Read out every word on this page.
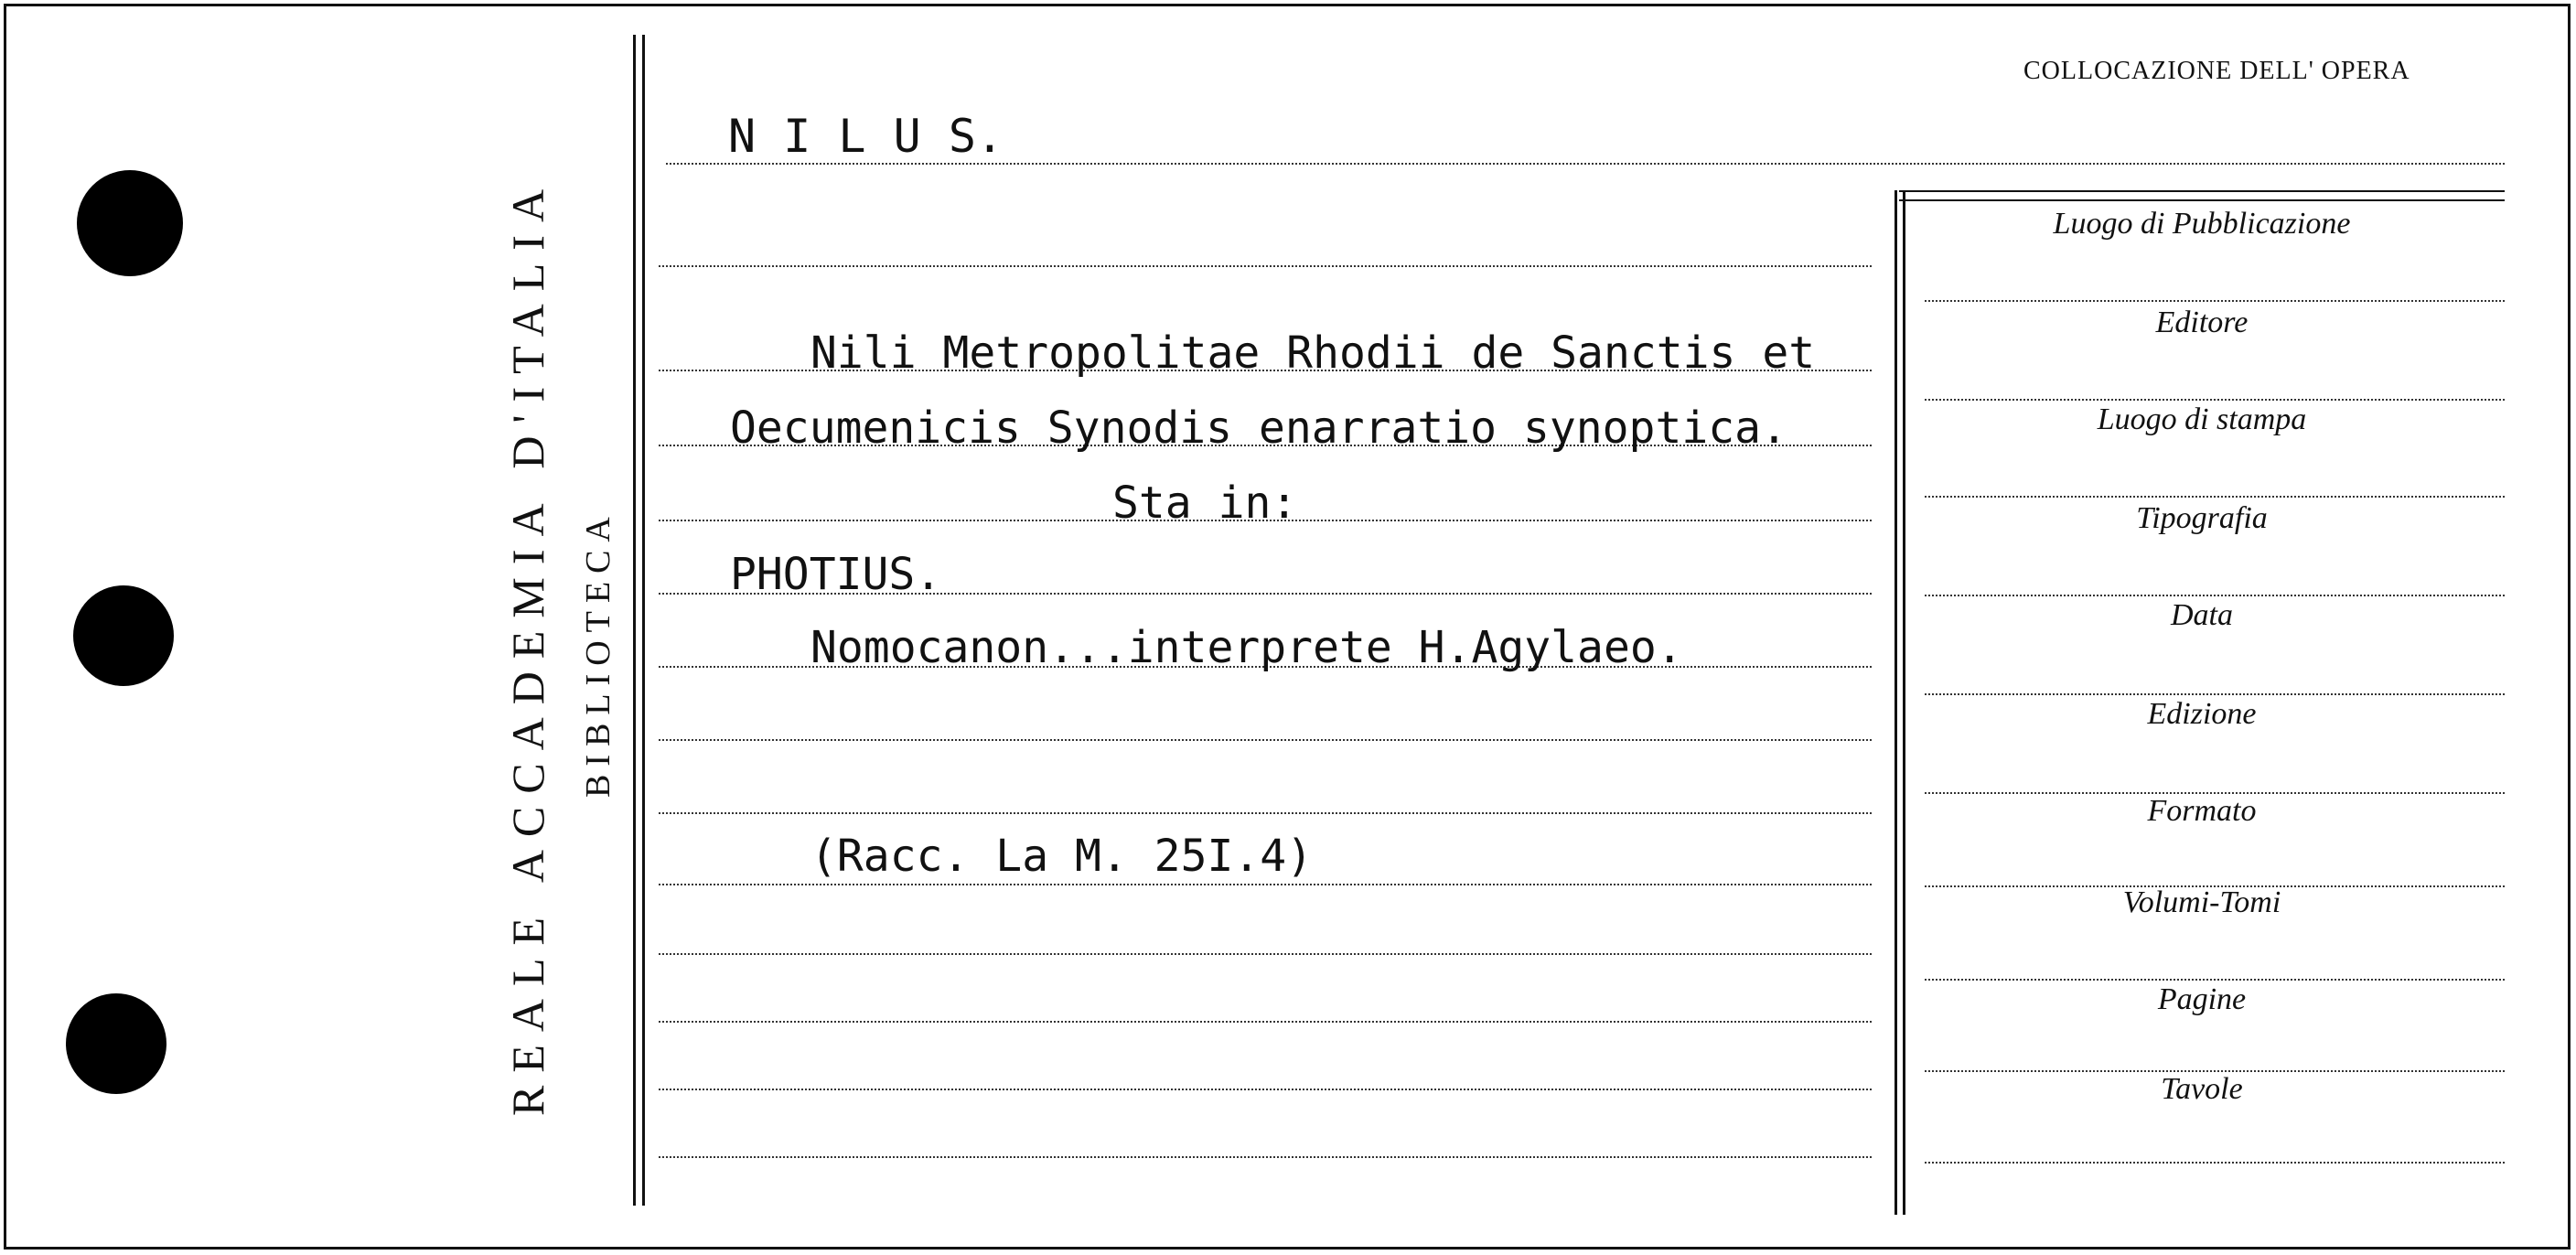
REALE ACCADEMIA D'ITALIA BIBLIOTECA
COLLOCAZIONE DELL' OPERA
N I L U S.
Nili Metropolitae Rhodii de Sanctis et
Oecumenicis Synodis enarratio synoptica.
Sta in:
PHOTIUS.
Nomocanon...interprete H.Agylaeo.
(Racc. La M. 25I.4)
Luogo di Pubblicazione
Editore
Luogo di stampa
Tipografia
Data
Edizione
Formato
Volumi-Tomi
Pagine
Tavole
